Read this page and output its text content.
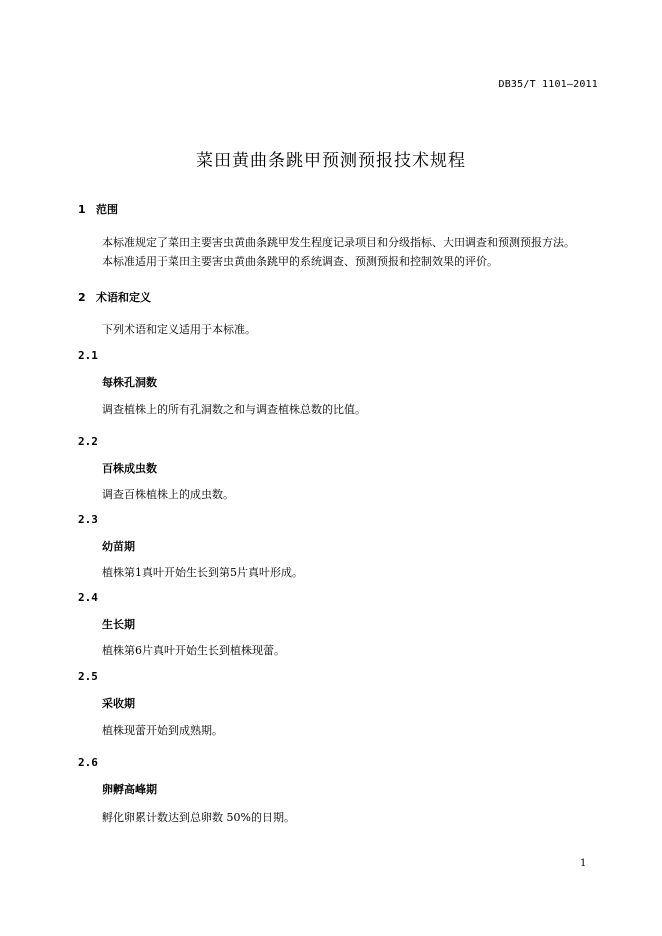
DB35/T 1101—2011
菜田黄曲条跳甲预测预报技术规程
1 范围
本标准规定了菜田主要害虫黄曲条跳甲发生程度记录项目和分级指标、大田调查和预测预报方法。
本标准适用于菜田主要害虫黄曲条跳甲的系统调查、预测预报和控制效果的评价。
2 术语和定义
下列术语和定义适用于本标准。
2.1
每株孔洞数
调查植株上的所有孔洞数之和与调查植株总数的比值。
2.2
百株成虫数
调查百株植株上的成虫数。
2.3
幼苗期
植株第1真叶开始生长到第5片真叶形成。
2.4
生长期
植株第6片真叶开始生长到植株现蕾。
2.5
采收期
植株现蕾开始到成熟期。
2.6
卵孵高峰期
孵化卵累计数达到总卵数 50%的日期。
1
